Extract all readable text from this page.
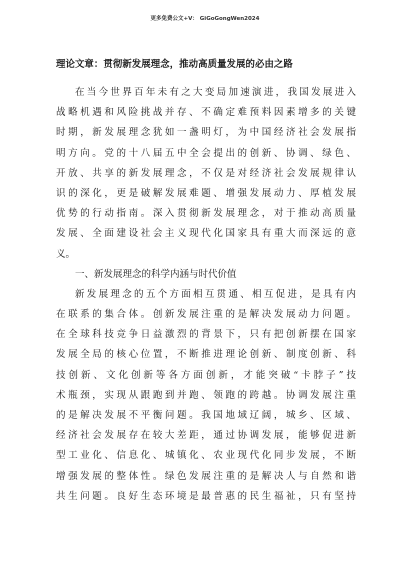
更多免费公文+V： GiGoGongWen2024
理论文章：贯彻新发展理念，推动高质量发展的必由之路
在当今世界百年未有之大变局加速演进，我国发展进入
战略机遇和风险挑战并存、不确定难预料因素增多的关键
时期，新发展理念犹如一盏明灯，为中国经济社会发展指
明方向。党的十八届五中全会提出的创新、协调、绿色、
开放、共享的新发展理念，不仅是对经济社会发展规律认
识的深化，更是破解发展难题、增强发展动力、厚植发展
优势的行动指南。深入贯彻新发展理念，对于推动高质量
发展、全面建设社会主义现代化国家具有重大而深远的意
义。
一、新发展理念的科学内涵与时代价值
新发展理念的五个方面相互贯通、相互促进，是具有内
在联系的集合体。创新发展注重的是解决发展动力问题。
在全球科技竞争日益激烈的背景下，只有把创新摆在国家
发展全局的核心位置，不断推进理论创新、制度创新、科
技创新、文化创新等各方面创新，才能突破“卡脖子”技
术瓶颈，实现从跟跑到并跑、领跑的跨越。协调发展注重
的是解决发展不平衡问题。我国地域辽阔，城乡、区域、
经济社会发展存在较大差距，通过协调发展，能够促进新
型工业化、信息化、城镇化、农业现代化同步发展，不断
增强发展的整体性。绿色发展注重的是解决人与自然和谐
共生问题。良好生态环境是最普惠的民生福祉，只有坚持
